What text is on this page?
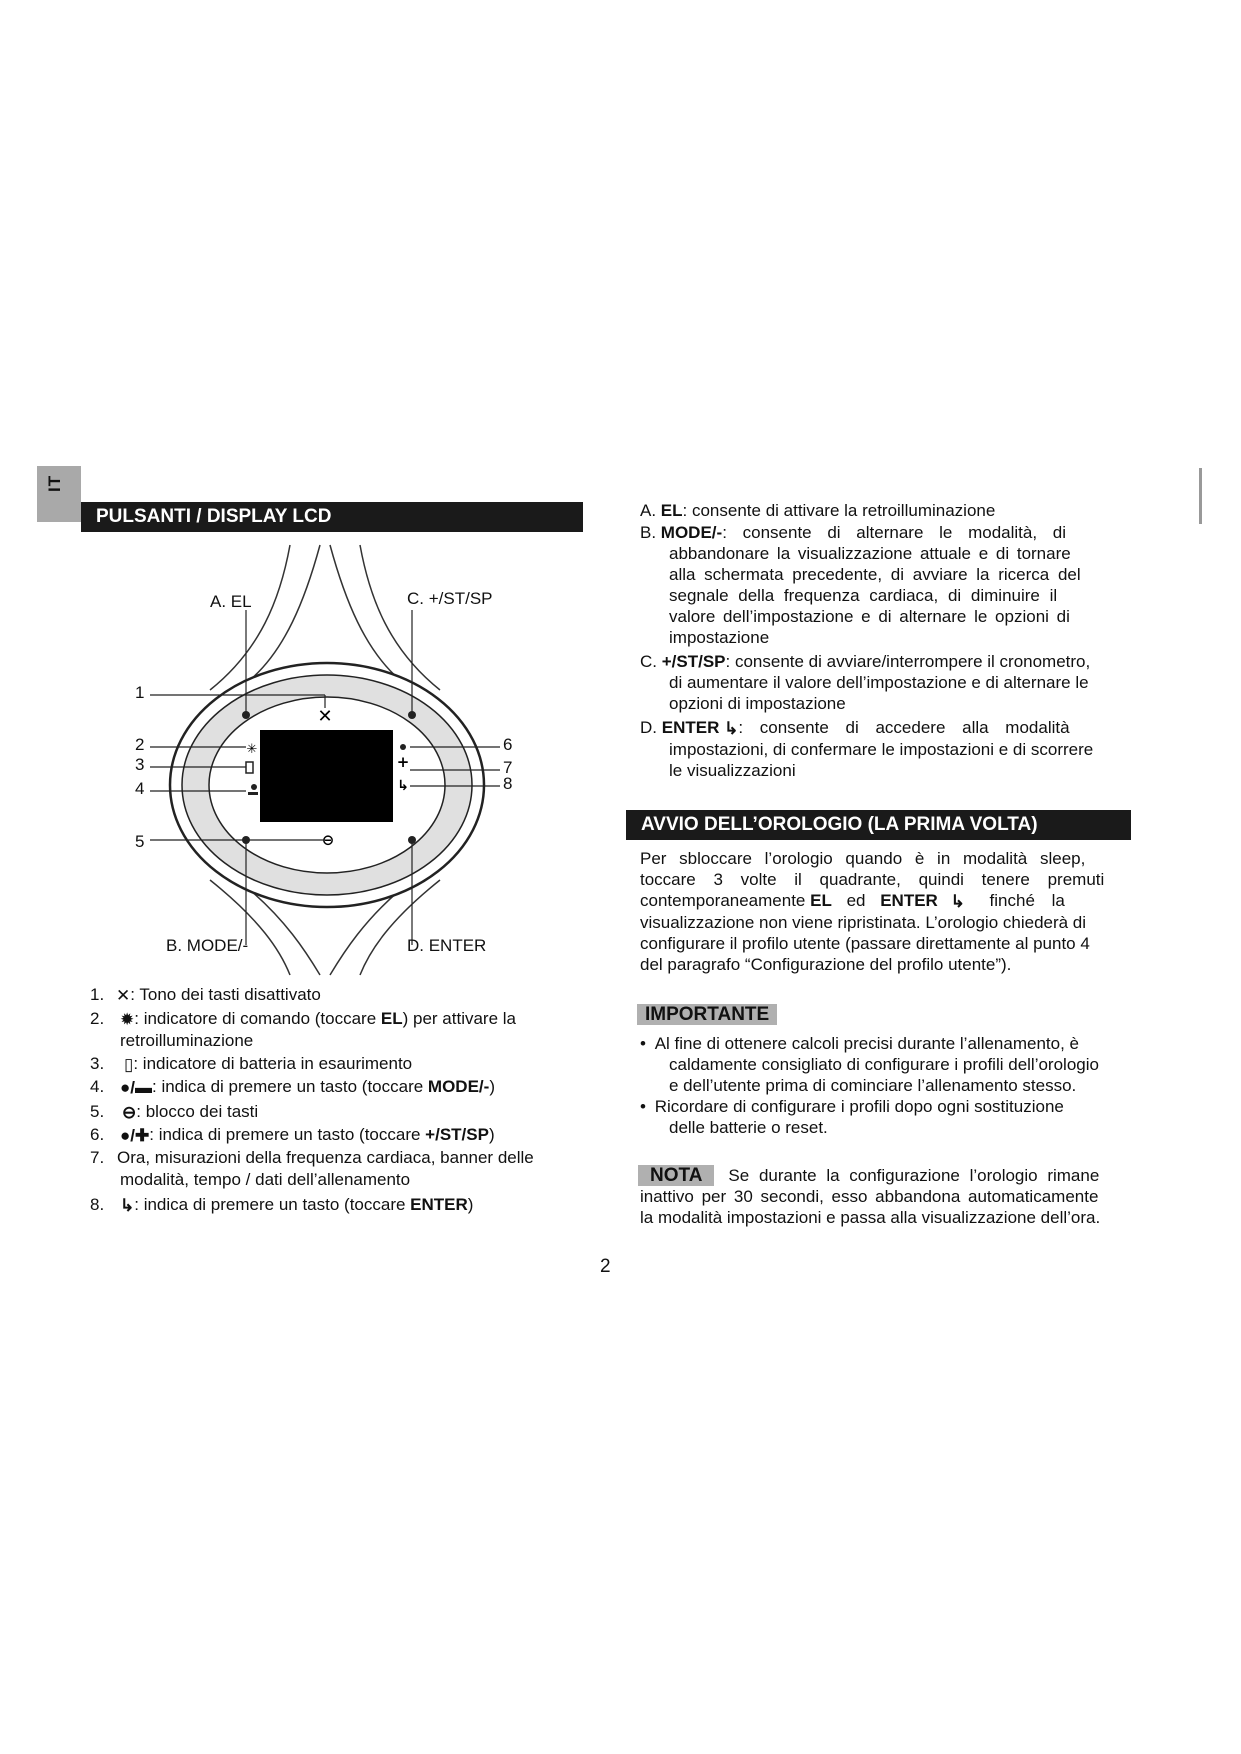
IT
PULSANTI / DISPLAY LCD
✕
✳
+
↳
⊖
A. EL	C. +/ST/SP
B. MODE/-	D. ENTER
1
2
3
4
5
6
7
8
1. ✕: Tono dei tasti disattivato
2. ✹: indicatore di comando (toccare EL) per attivare la
retroilluminazione
3. ▯: indicatore di batteria in esaurimento
4. ●/▬: indica di premere un tasto (toccare MODE/-)
5. ⊖: blocco dei tasti
6. ●/✚: indica di premere un tasto (toccare +/ST/SP)
7. Ora, misurazioni della frequenza cardiaca, banner delle
modalità, tempo / dati dell’allenamento
8. ↳: indica di premere un tasto (toccare ENTER)
A. EL: consente di attivare la retroilluminazione
B. MODE/-: consente di alternare le modalità, di
abbandonare la visualizzazione attuale e di tornare
alla schermata precedente, di avviare la ricerca del
segnale della frequenza cardiaca, di diminuire il
valore dell’impostazione e di alternare le opzioni di
impostazione
C. +/ST/SP: consente di avviare/interrompere il cronometro,
di aumentare il valore dell’impostazione e di alternare le
opzioni di impostazione
D. ENTER ↳: consente di accedere alla modalità
impostazioni, di confermare le impostazioni e di scorrere
le visualizzazioni
AVVIO DELL’OROLOGIO (LA PRIMA VOLTA)
Per sbloccare l’orologio quando è in modalità sleep,
toccare 3 volte il quadrante, quindi tenere premuti
contemporaneamente EL ed ENTER ↳ finché la
visualizzazione non viene ripristinata. L’orologio chiederà di
configurare il profilo utente (passare direttamente al punto 4
del paragrafo “Configurazione del profilo utente”).
IMPORTANTE
• Al fine di ottenere calcoli precisi durante l’allenamento, è
caldamente consigliato di configurare i profili dell’orologio
e dell’utente prima di cominciare l’allenamento stesso.
• Ricordare di configurare i profili dopo ogni sostituzione
delle batterie o reset.
NOTA Se durante la configurazione l’orologio rimane
inattivo per 30 secondi, esso abbandona automaticamente
la modalità impostazioni e passa alla visualizzazione dell’ora.
2
